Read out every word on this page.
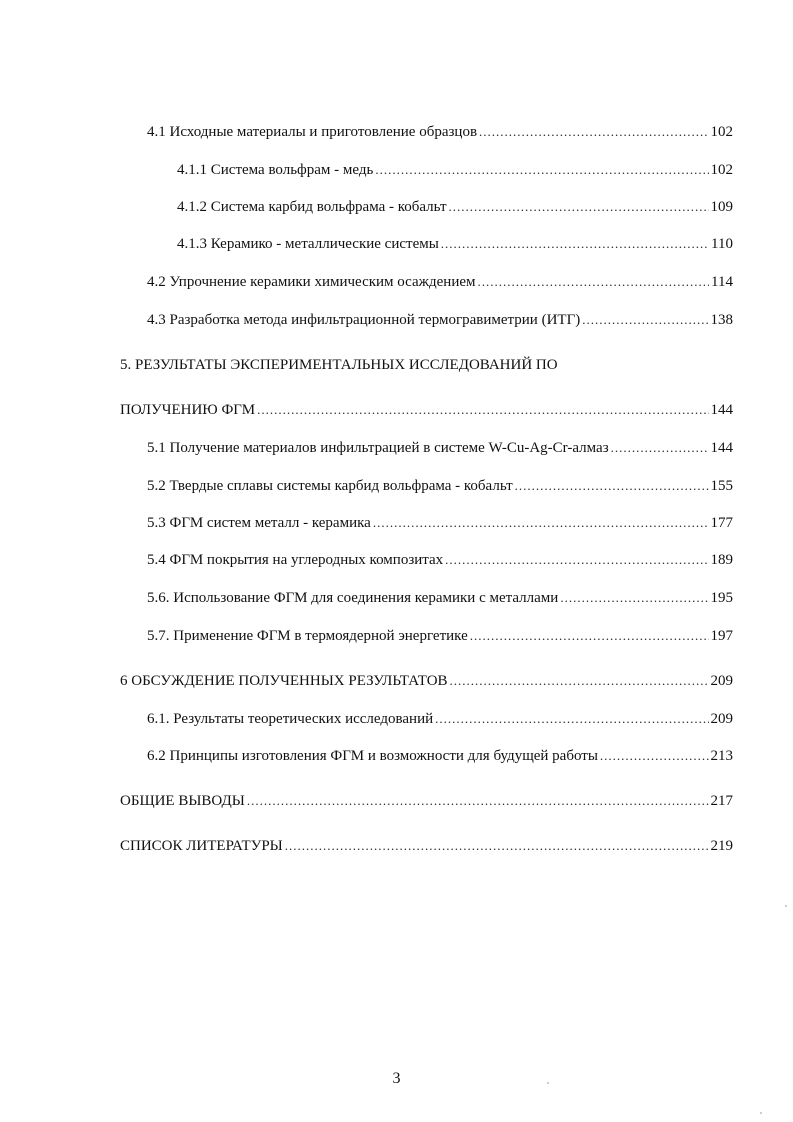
4.1 Исходные материалы и приготовление образцов .....	102
4.1.1 Система вольфрам - медь .....	102
4.1.2 Система карбид вольфрама - кобальт .....	109
4.1.3 Керамико - металлические системы .....	110
4.2 Упрочнение керамики химическим осаждением .....	114
4.3 Разработка метода инфильтрационной термогравиметрии (ИТГ) .....	138
5. РЕЗУЛЬТАТЫ ЭКСПЕРИМЕНТАЛЬНЫХ ИССЛЕДОВАНИЙ ПО
ПОЛУЧЕНИЮ ФГМ .....	144
5.1 Получение материалов инфильтрацией в системе W-Cu-Ag-Cr-алмаз .....	144
5.2 Твердые сплавы системы карбид вольфрама - кобальт .....	155
5.3 ФГМ систем металл - керамика .....	177
5.4 ФГМ покрытия на углеродных композитах .....	189
5.6. Использование ФГМ для соединения керамики с металлами .....	195
5.7. Применение ФГМ в термоядерной энергетике .....	197
6 ОБСУЖДЕНИЕ ПОЛУЧЕННЫХ РЕЗУЛЬТАТОВ .....	209
6.1. Результаты теоретических исследований .....	209
6.2 Принципы изготовления ФГМ и возможности для будущей работы .....	213
ОБЩИЕ ВЫВОДЫ .....	217
СПИСОК ЛИТЕРАТУРЫ .....	219
3
